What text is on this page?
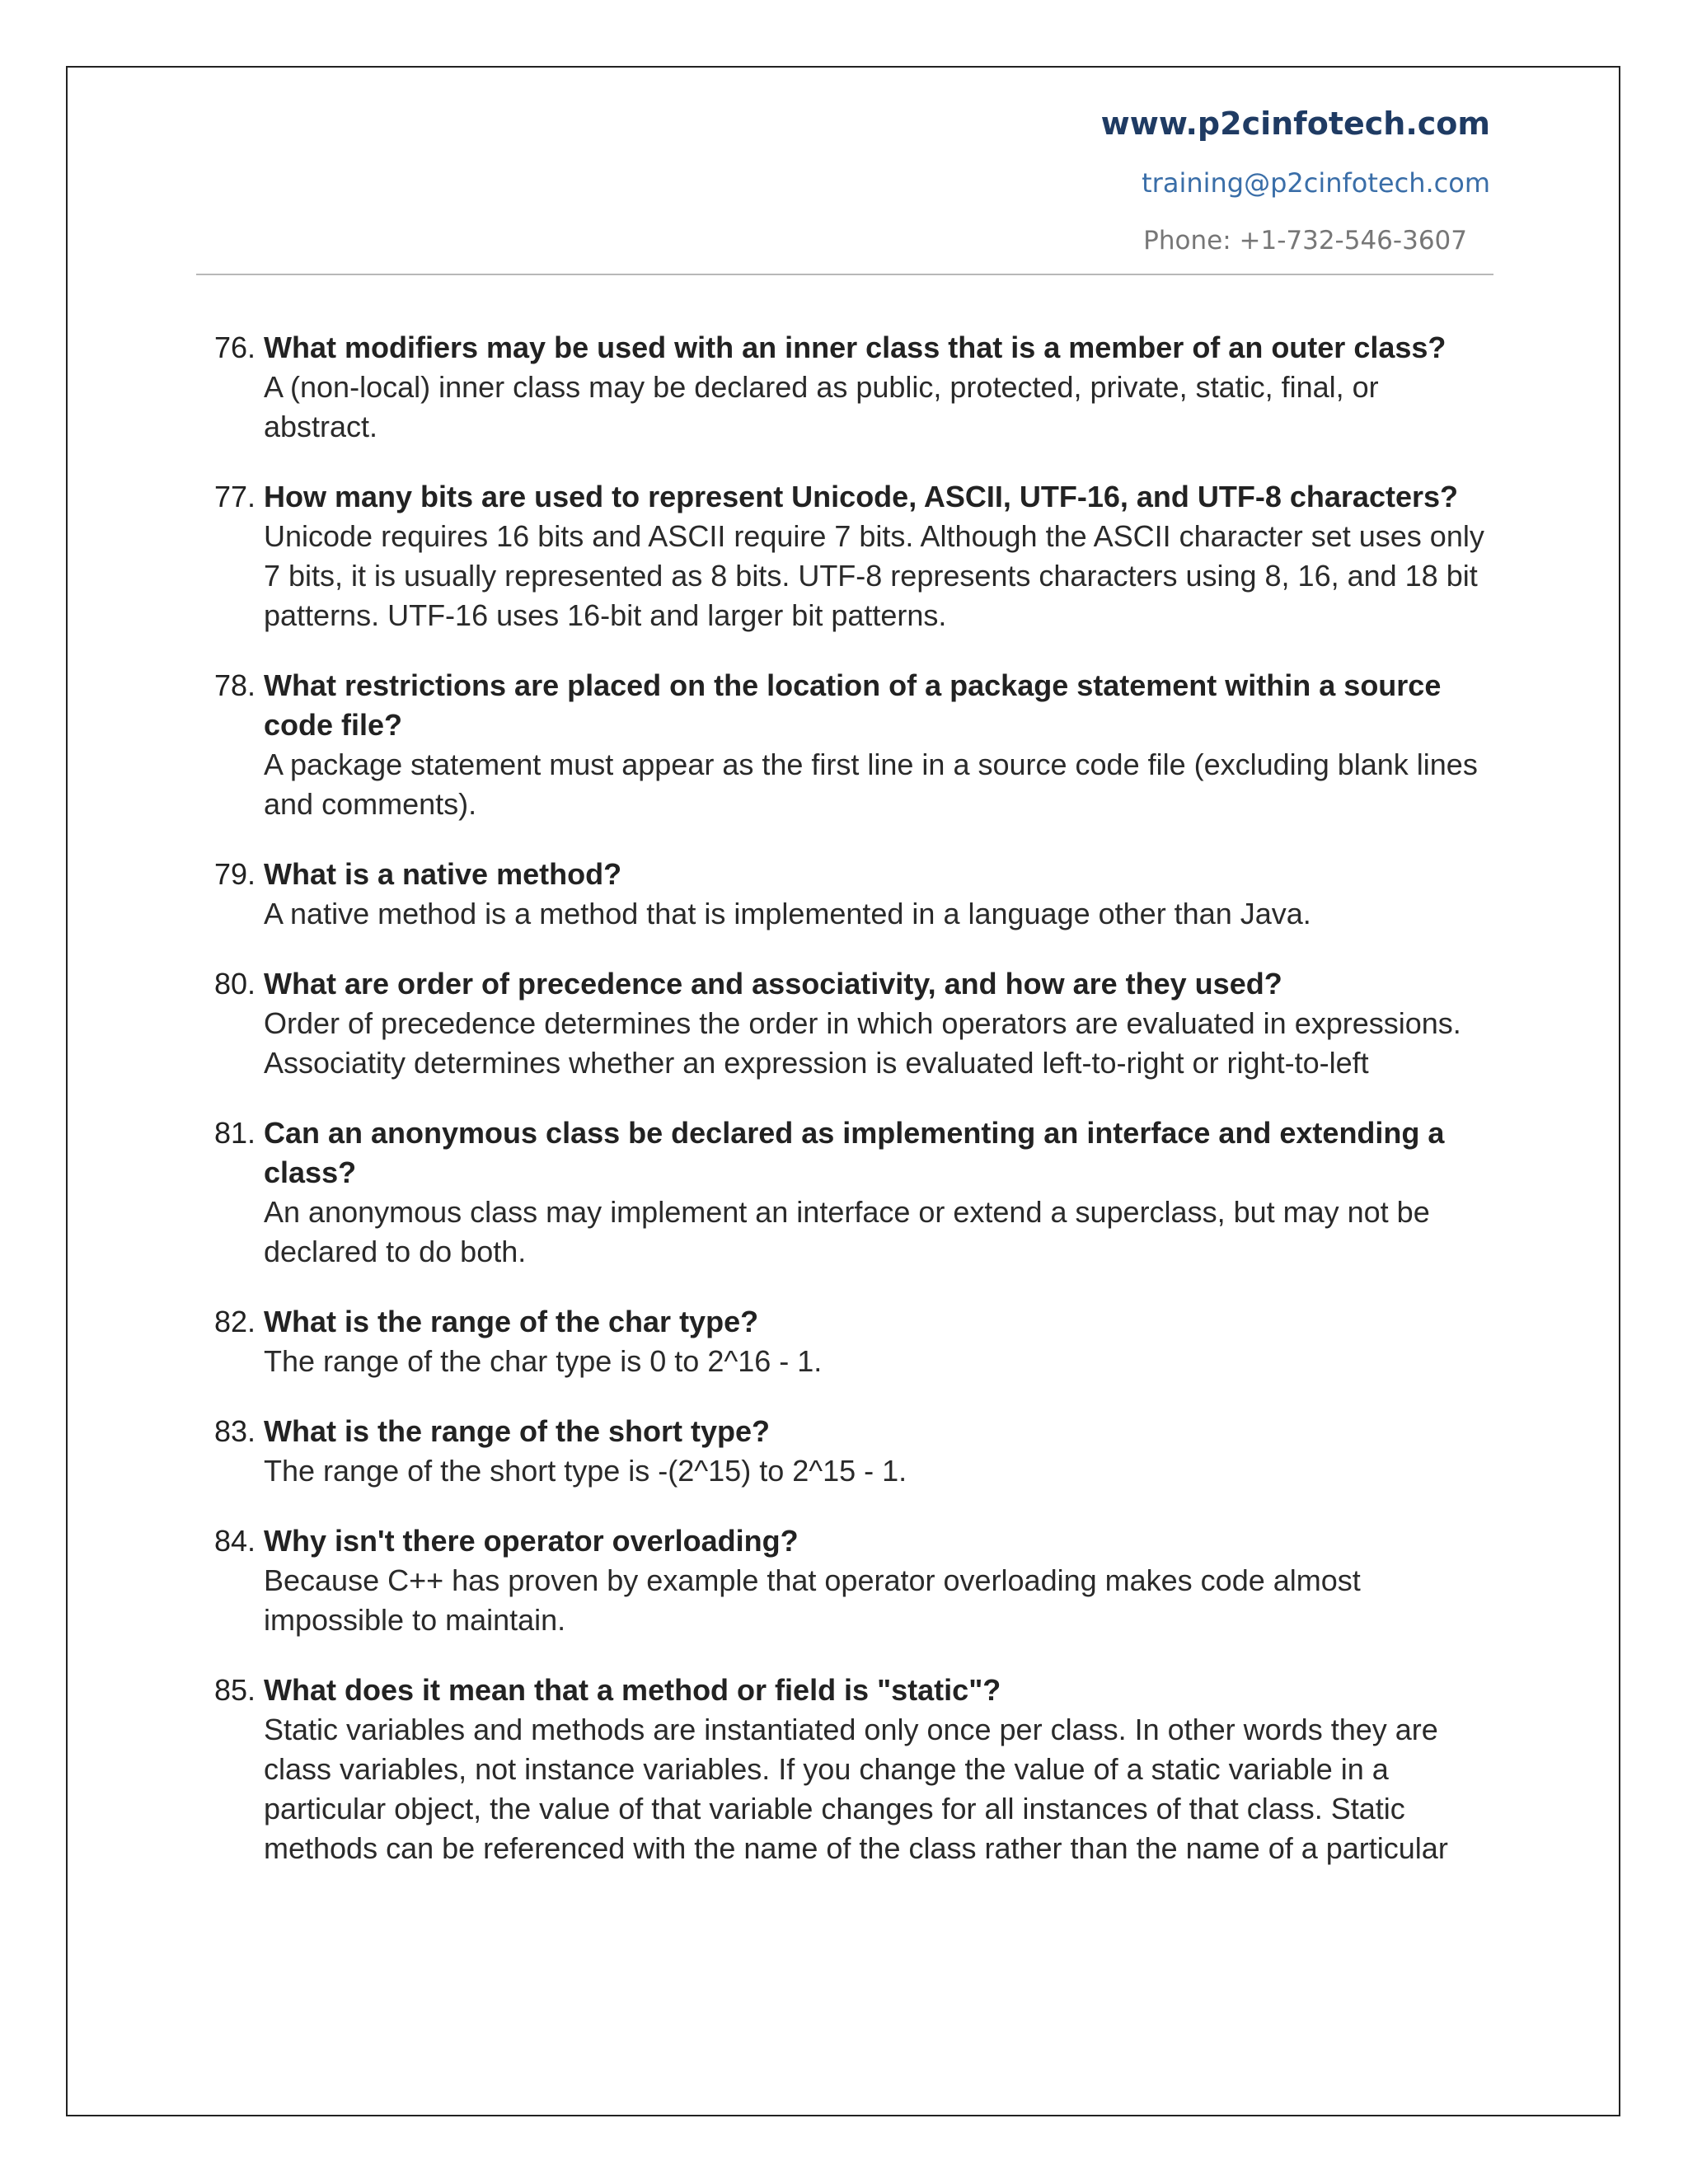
www.p2cinfotech.com
training@p2cinfotech.com
Phone: +1-732-546-3607
76. What modifiers may be used with an inner class that is a member of an outer class?
A (non-local) inner class may be declared as public, protected, private, static, final, or abstract.
77. How many bits are used to represent Unicode, ASCII, UTF-16, and UTF-8 characters?
Unicode requires 16 bits and ASCII require 7 bits. Although the ASCII character set uses only 7 bits, it is usually represented as 8 bits. UTF-8 represents characters using 8, 16, and 18 bit patterns. UTF-16 uses 16-bit and larger bit patterns.
78. What restrictions are placed on the location of a package statement within a source code file?
A package statement must appear as the first line in a source code file (excluding blank lines and comments).
79. What is a native method?
A native method is a method that is implemented in a language other than Java.
80. What are order of precedence and associativity, and how are they used?
Order of precedence determines the order in which operators are evaluated in expressions. Associatity determines whether an expression is evaluated left-to-right or right-to-left
81. Can an anonymous class be declared as implementing an interface and extending a class?
An anonymous class may implement an interface or extend a superclass, but may not be declared to do both.
82. What is the range of the char type?
The range of the char type is 0 to 2^16 - 1.
83. What is the range of the short type?
The range of the short type is -(2^15) to 2^15 - 1.
84. Why isn't there operator overloading?
Because C++ has proven by example that operator overloading makes code almost impossible to maintain.
85. What does it mean that a method or field is "static"?
Static variables and methods are instantiated only once per class. In other words they are class variables, not instance variables. If you change the value of a static variable in a particular object, the value of that variable changes for all instances of that class. Static methods can be referenced with the name of the class rather than the name of a particular
